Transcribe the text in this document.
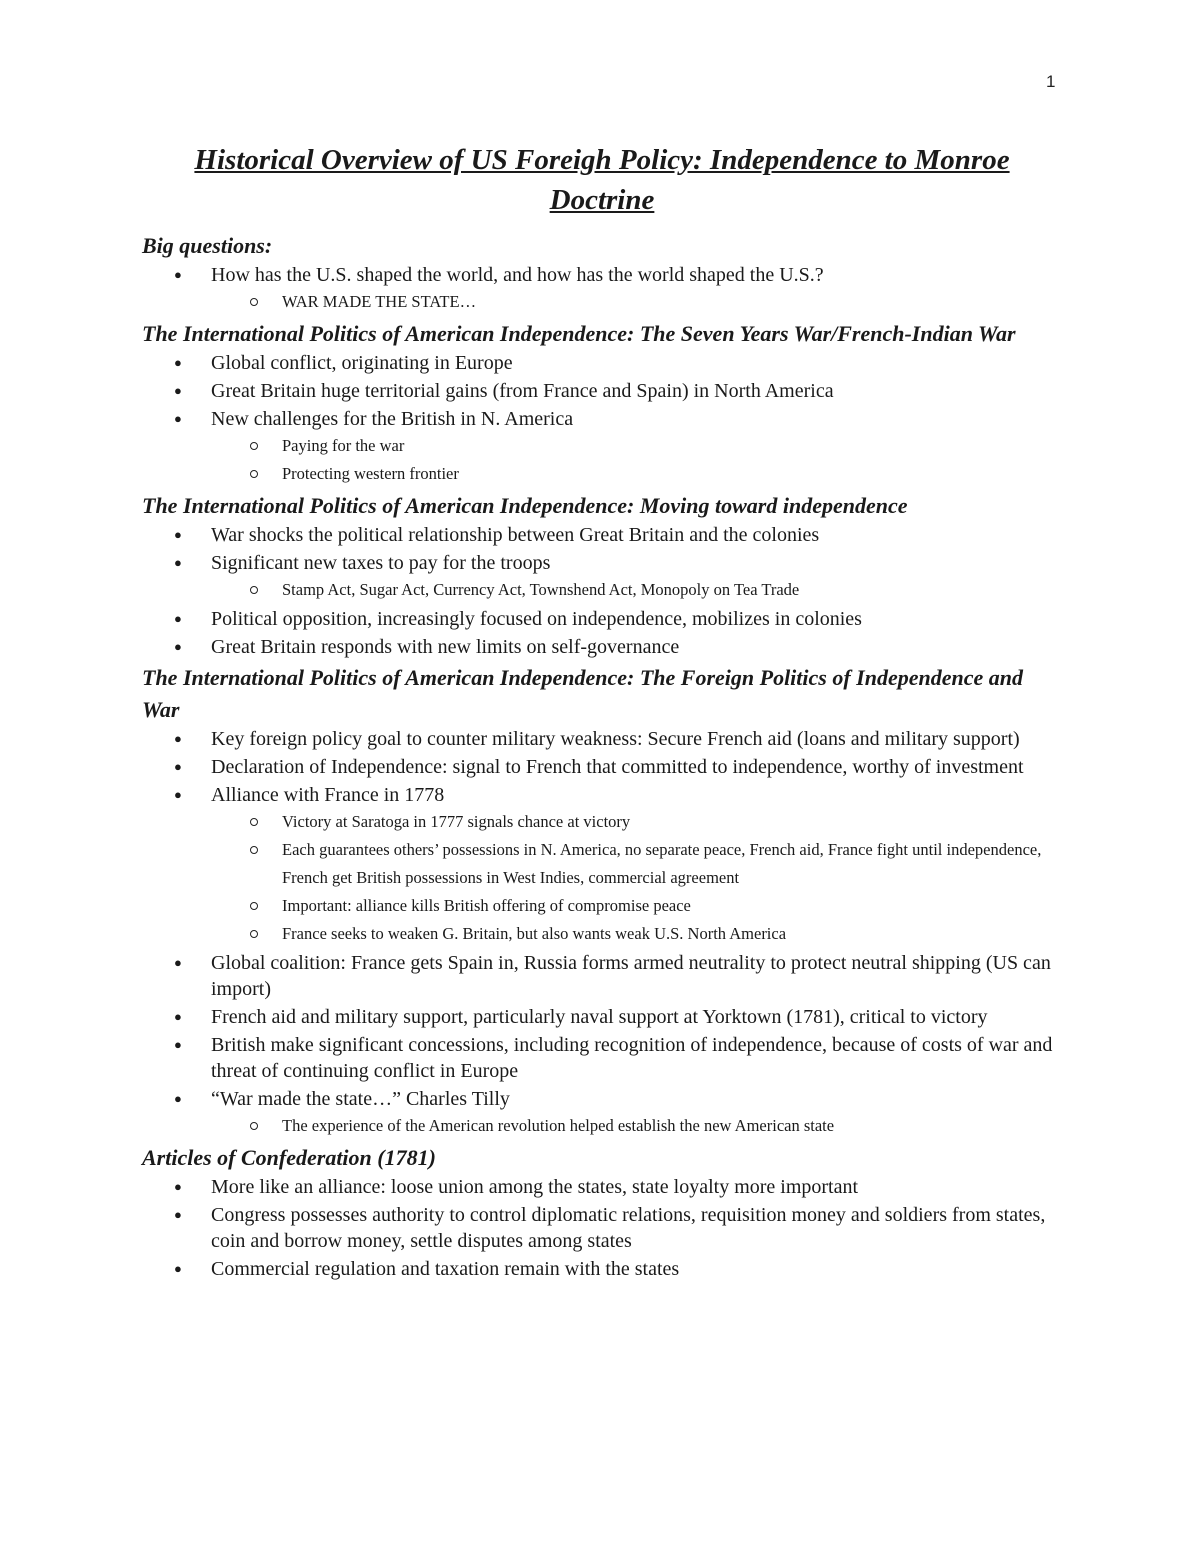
1
Historical Overview of US Foreigh Policy: Independence to Monroe Doctrine
Big questions:
● How has the U.S. shaped the world, and how has the world shaped the U.S.?
WAR MADE THE STATE…
The International Politics of American Independence: The Seven Years War/French-Indian War
● Global conflict, originating in Europe
● Great Britain huge territorial gains (from France and Spain) in North America
● New challenges for the British in N. America
Paying for the war
Protecting western frontier
The International Politics of American Independence: Moving toward independence
● War shocks the political relationship between Great Britain and the colonies
● Significant new taxes to pay for the troops
Stamp Act, Sugar Act, Currency Act, Townshend Act, Monopoly on Tea Trade
● Political opposition, increasingly focused on independence, mobilizes in colonies
● Great Britain responds with new limits on self-governance
The International Politics of American Independence: The Foreign Politics of Independence and War
● Key foreign policy goal to counter military weakness: Secure French aid (loans and military support)
● Declaration of Independence: signal to French that committed to independence, worthy of investment
● Alliance with France in 1778
Victory at Saratoga in 1777 signals chance at victory
Each guarantees others’ possessions in N. America, no separate peace, French aid, France fight until independence, French get British possessions in West Indies, commercial agreement
Important: alliance kills British offering of compromise peace
France seeks to weaken G. Britain, but also wants weak U.S. North America
● Global coalition: France gets Spain in, Russia forms armed neutrality to protect neutral shipping (US can import)
● French aid and military support, particularly naval support at Yorktown (1781), critical to victory
● British make significant concessions, including recognition of independence, because of costs of war and threat of continuing conflict in Europe
● “War made the state…” Charles Tilly
The experience of the American revolution helped establish the new American state
Articles of Confederation (1781)
● More like an alliance: loose union among the states, state loyalty more important
● Congress possesses authority to control diplomatic relations, requisition money and soldiers from states, coin and borrow money, settle disputes among states
● Commercial regulation and taxation remain with the states
